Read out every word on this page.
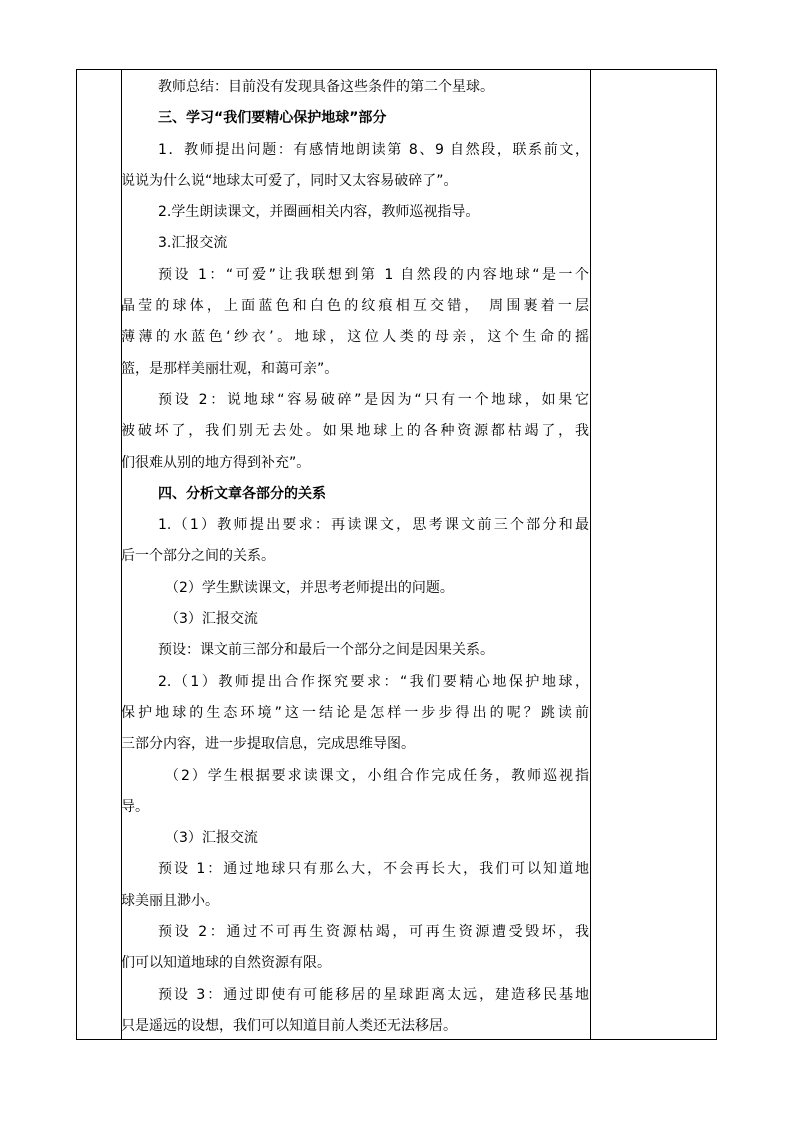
教师总结：目前没有发现具备这些条件的第二个星球。
三、学习“我们要精心保护地球”部分
1．教师提出问题：有感情地朗读第 8、9 自然段，联系前文，
说说为什么说“地球太可爱了，同时又太容易破碎了”。
2.学生朗读课文，并圈画相关内容，教师巡视指导。
3.汇报交流
预设 1：“可爱”让我联想到第 1 自然段的内容地球“是一个
晶莹的球体，上面蓝色和白色的纹痕相互交错， 周围裹着一层
薄薄的水蓝色‘纱衣’。地球，这位人类的母亲，这个生命的摇
篮，是那样美丽壮观，和蔼可亲”。
预设 2：说地球“容易破碎”是因为“只有一个地球，如果它
被破坏了，我们别无去处。如果地球上的各种资源都枯竭了，我
们很难从别的地方得到补充”。
四、分析文章各部分的关系
1.（1）教师提出要求：再读课文，思考课文前三个部分和最
后一个部分之间的关系。
（2）学生默读课文，并思考老师提出的问题。
（3）汇报交流
预设：课文前三部分和最后一个部分之间是因果关系。
2.（1）教师提出合作探究要求：“我们要精心地保护地球，
保护地球的生态环境”这一结论是怎样一步步得出的呢？跳读前
三部分内容，进一步提取信息，完成思维导图。
（2）学生根据要求读课文，小组合作完成任务，教师巡视指
导。
（3）汇报交流
预设 1：通过地球只有那么大，不会再长大，我们可以知道地
球美丽且渺小。
预设 2：通过不可再生资源枯竭，可再生资源遭受毁坏，我
们可以知道地球的自然资源有限。
预设 3：通过即使有可能移居的星球距离太远，建造移民基地
只是遥远的设想，我们可以知道目前人类还无法移居。
